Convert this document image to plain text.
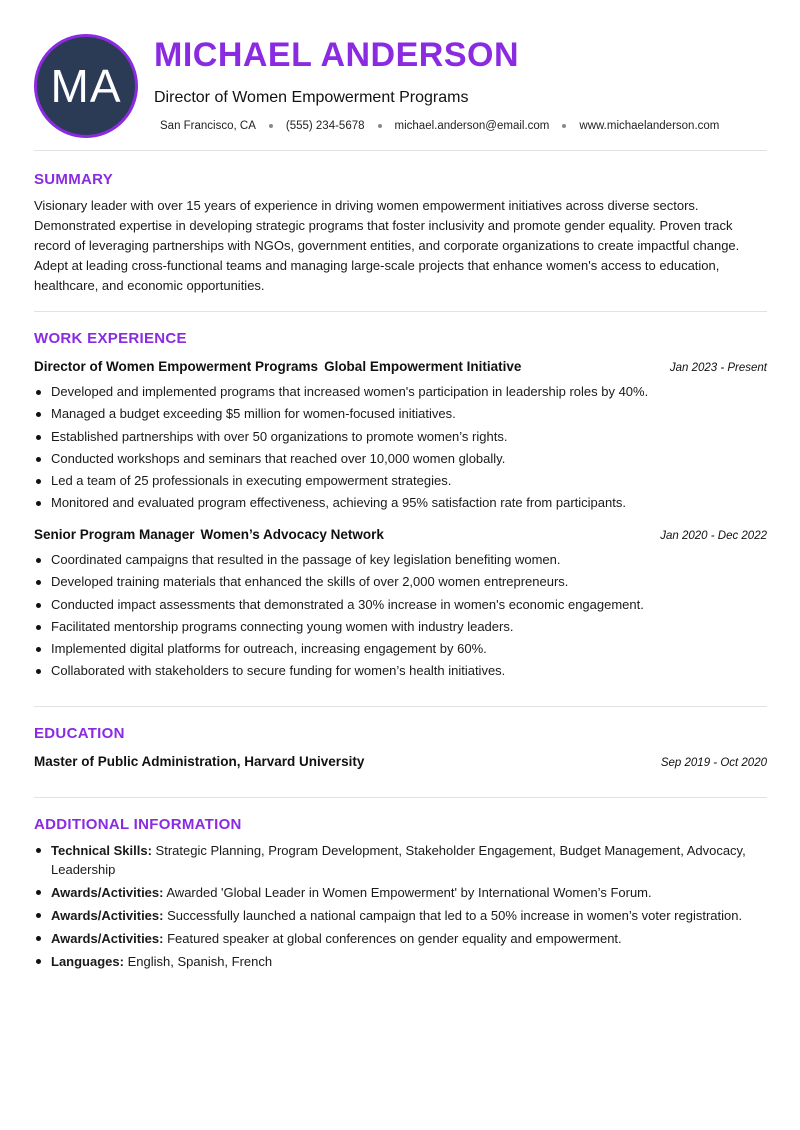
MA
MICHAEL ANDERSON
Director of Women Empowerment Programs
San Francisco, CA	(555) 234-5678	michael.anderson@email.com	www.michaelanderson.com
SUMMARY

Visionary leader with over 15 years of experience in driving women empowerment initiatives across diverse sectors. Demonstrated expertise in developing strategic programs that foster inclusivity and promote gender equality. Proven track record of leveraging partnerships with NGOs, government entities, and corporate organizations to create impactful change. Adept at leading cross-functional teams and managing large-scale projects that enhance women's access to education, healthcare, and economic opportunities.

WORK EXPERIENCE
Director of Women Empowerment Programs Global Empowerment Initiative	Jan 2023 - Present
Developed and implemented programs that increased women's participation in leadership roles by 40%.
Managed a budget exceeding $5 million for women-focused initiatives.
Established partnerships with over 50 organizations to promote women’s rights.
Conducted workshops and seminars that reached over 10,000 women globally.
Led a team of 25 professionals in executing empowerment strategies.
Monitored and evaluated program effectiveness, achieving a 95% satisfaction rate from participants.
Senior Program Manager Women’s Advocacy Network	Jan 2020 - Dec 2022
Coordinated campaigns that resulted in the passage of key legislation benefiting women.
Developed training materials that enhanced the skills of over 2,000 women entrepreneurs.
Conducted impact assessments that demonstrated a 30% increase in women's economic engagement.
Facilitated mentorship programs connecting young women with industry leaders.
Implemented digital platforms for outreach, increasing engagement by 60%.
Collaborated with stakeholders to secure funding for women’s health initiatives.
EDUCATION
Master of Public Administration, Harvard University	Sep 2019 - Oct 2020
ADDITIONAL INFORMATION
Technical Skills: Strategic Planning, Program Development, Stakeholder Engagement, Budget Management, Advocacy, Leadership
Awards/Activities: Awarded 'Global Leader in Women Empowerment' by International Women’s Forum.
Awards/Activities: Successfully launched a national campaign that led to a 50% increase in women’s voter registration.
Awards/Activities: Featured speaker at global conferences on gender equality and empowerment.
Languages: English, Spanish, French
